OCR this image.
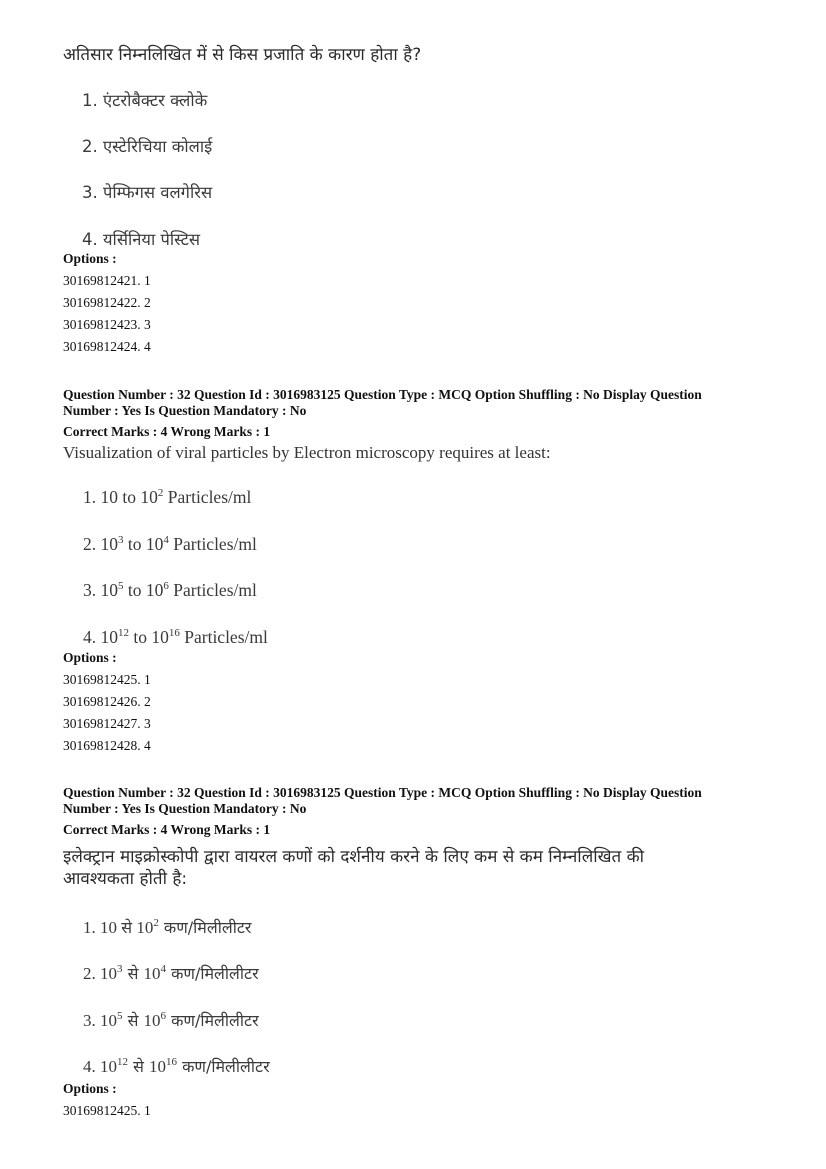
अतिसार निम्नलिखित में से किस प्रजाति के कारण होता है?
1. एंटरोबैक्टर क्लोके
2. एस्टेरिचिया कोलाई
3. पेम्फिगस वलगेरिस
4. यर्सिनिया पेस्टिस
Options :
30169812421. 1
30169812422. 2
30169812423. 3
30169812424. 4
Question Number : 32 Question Id : 3016983125 Question Type : MCQ Option Shuffling : No Display Question
Number : Yes Is Question Mandatory : No
Correct Marks : 4 Wrong Marks : 1
Visualization of viral particles by Electron microscopy requires at least:
1. 10 to $10^2$ Particles/ml
2. $10^3$ to $10^4$ Particles/ml
3. $10^5$ to $10^6$ Particles/ml
4. $10^{12}$ to $10^{16}$ Particles/ml
Options :
30169812425. 1
30169812426. 2
30169812427. 3
30169812428. 4
Question Number : 32 Question Id : 3016983125 Question Type : MCQ Option Shuffling : No Display Question
Number : Yes Is Question Mandatory : No
Correct Marks : 4 Wrong Marks : 1
इलेक्ट्रान माइक्रोस्कोपी द्वारा वायरल कणों को दर्शनीय करने के लिए कम से कम निम्नलिखित की
आवश्यकता होती है:
1. 10 से $10^2$ कण/मिलीलीटर
2. $10^3$ से $10^4$ कण/मिलीलीटर
3. $10^5$ से $10^6$ कण/मिलीलीटर
4. $10^{12}$ से $10^{16}$ कण/मिलीलीटर
Options :
30169812425. 1
